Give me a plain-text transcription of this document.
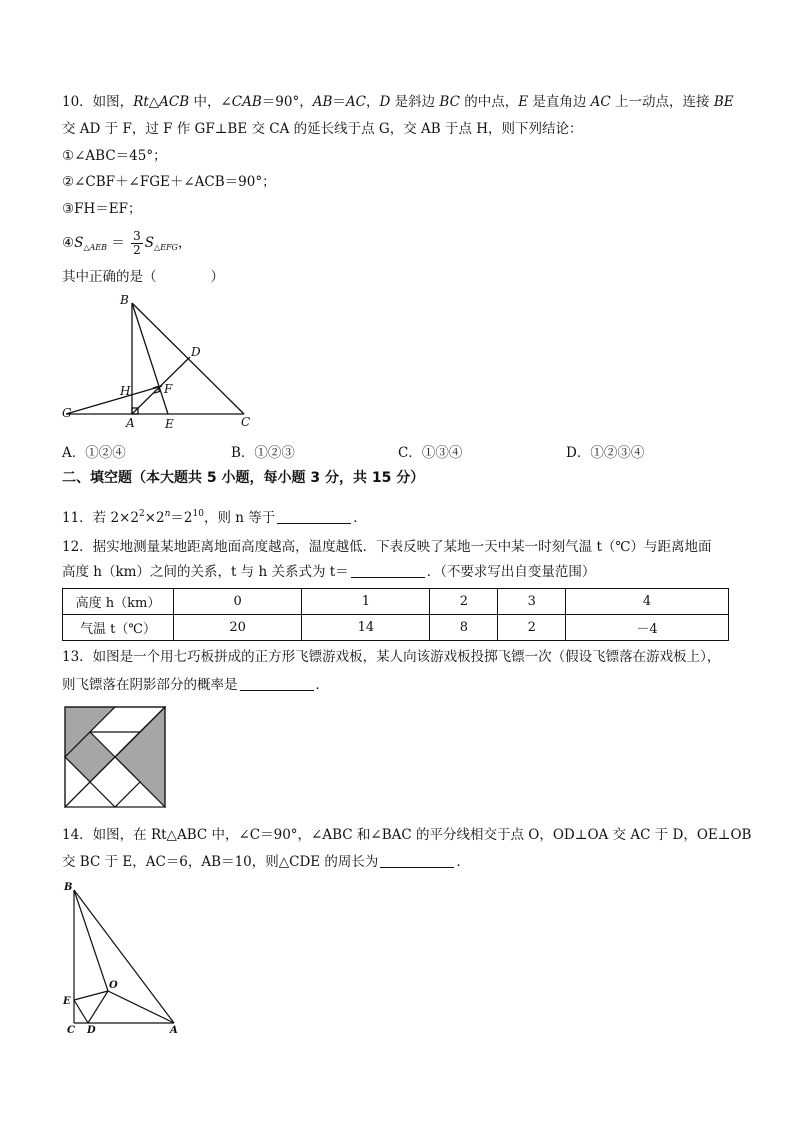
10．如图，Rt△ACB 中，∠CAB＝90°，AB＝AC，D 是斜边 BC 的中点，E 是直角边 AC 上一动点，连接 BE
交 AD 于 F，过 F 作 GF⊥BE 交 CA 的延长线于点 G，交 AB 于点 H，则下列结论：
①∠ABC＝45°；
②∠CBF＋∠FGE＋∠ACB＝90°；
③FH＝EF；
$④S_{\triangle AEB} = \frac{3}{2} S_{\triangle EFG}$，
其中正确的是（　　　　）
B
D
H	F
G
A	E	C
A．①②④	B．①②③	C．①③④	D．①②③④
二、填空题（本大题共 5 小题，每小题 3 分，共 15 分）
11．若 $2\times 2^2\times 2^n=2^{10}$，则 n 等于	．
12．据实地测量某地距离地面高度越高，温度越低．下表反映了某地一天中某一时刻气温 t（℃）与距离地面
高度 h（km）之间的关系，t 与 h 关系式为 t＝	．（不要求写出自变量范围）
高度 h（km）	0	1	2	3	4
气温 t（℃）	20	14	8	2	－4
13．如图是一个用七巧板拼成的正方形飞镖游戏板，某人向该游戏板投掷飞镖一次（假设飞镖落在游戏板上），
则飞镖落在阴影部分的概率是	．
14．如图，在 Rt△ABC 中，∠C＝90°，∠ABC 和∠BAC 的平分线相交于点 O，OD⊥OA 交 AC 于 D，OE⊥OB
交 BC 于 E，AC＝6，AB＝10，则△CDE 的周长为	．
B
O
E
C D	A
